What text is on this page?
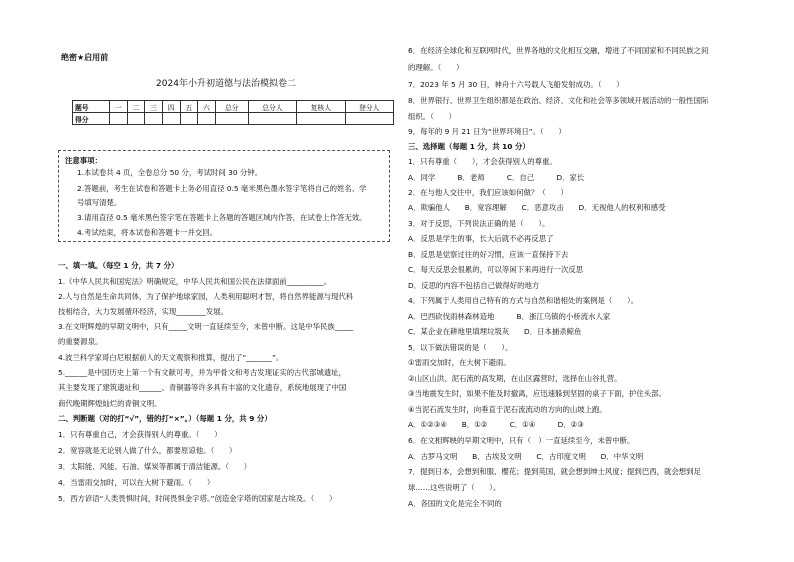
绝密★启用前
2024年小升初道德与法治模拟卷二
题号	一	二	三	四	五	六	总分	总分人	复核人	登分人
得分										
注意事项：
1.本试卷共 4 页，全卷总分 50 分，考试时间 30 分钟。
2.答题前，考生在试卷和答题卡上务必用直径 0.5 毫米黑色墨水签字笔将自己的姓名、学
号填写清楚。
3.请用直径 0.5 毫米黑色签字笔在答题卡上各题的答题区域内作答，在试卷上作答无效。
4.考试结束，将本试卷和答题卡一并交回。
一、填一填。（每空 1 分，共 7 分）
1.《中华人民共和国宪法》明确规定，中华人民共和国公民在法律面前__________。
2.人与自然是生命共同体，为了保护地球家园，人类利用聪明才智，将自然界能源与现代科
技相结合，大力发展循环经济，实现________发展。
3.在文明辉煌的早期文明中，只有_____文明一直延续至今，未曾中断。这是中华民族_____
的重要源泉。
4.波兰科学家哥白尼根据前人的天文观察和推算，提出了“_______”。
5.______是中国历史上第一个有文献可考，并为甲骨文和考古发现证实的古代部城遗址，
其主要发现了建筑遗址和______、青铜器等许多具有丰富的文化遗存，系统地展现了中国
商代晚期辉煌灿烂的青铜文明。
二、判断题（对的打“√”，错的打“×”。）（每题 1 分，共 9 分）
1．只有尊重自己，才会获得别人的尊重。（　　）
2．宽容就是无论别人做了什么，都要原谅他。（　　）
3．太阳能、风能、石油、煤炭等都属于清洁能源。（　　）
4．当雷雨交加时，可以在大树下避雨。（　　）
5．西方谚语“人类畏惧时间，时间畏惧金字塔。”创造金字塔的国家是古埃及。（　　）
6．在经济全球化和互联网时代，世界各地的文化相互交融，增进了不同国家和不同民族之间
的理解。（　　）
7．2023 年 5 月 30 日，神舟十六号载人飞船发射成功。（　　）
8．世界银行、世界卫生组织都是在政治、经济、文化和社会等多领域开展活动的一般性国际
组织。（　　）
9．每年的 9 月 21 日为“世界环境日”。（　　）
三、选择题（每题 1 分，共 10 分）
1．只有尊重（　　），才会获得别人的尊重。
A．同学　　　B．老师　　　C．自己　　　D．家长
2．在与他人交往中，我们应该如何做？（　　）
A．欺骗他人　　B．宽容理解　　C．恶意攻击　　D．无视他人的权利和感受
3．对于反思，下列说法正确的是（　　）。
A．反思是学生的事，长大后就不必再反思了
B．反思是觉察过往的好习惯，应该一直保持下去
C．每天反思会很累的，可以等闲下来再进行一次反思
D．反思的内容不包括自己做得好的地方
4．下列属于人类用自己特有的方式与自然和谐相处的案例是（　　）。
A．巴西砍伐雨林森林造地　　　B．浙江乌镇的小桥流水人家
C．某企业在耕地里填埋垃圾灰　　D．日本捕杀鲸鱼
5．以下做法错误的是（　　）。
①雷雨交加时，在大树下避雨。
②山区山洪、泥石流的高发期，在山区露营时，选择在山谷扎营。
③当地震发生时，如果不能及时撤离，应迅速躲到坚固的桌子下面，护住头部。
④当泥石流发生时，向垂直于泥石流流动的方向的山坡上跑。
A．①②③④　　B．①②　　　C．①④　　　D．②③
6．在文相辉映的早期文明中，只有（　）一直延续至今，未曾中断。
A．古罗马文明　　B．古埃及文明　　C．古印度文明　　D．中华文明
7．提到日本，会想到和服、樱花；提到英国，就会想到绅士风度；提到巴西，就会想到足
球……这些说明了（　　）。
A．各国的文化是完全不同的
